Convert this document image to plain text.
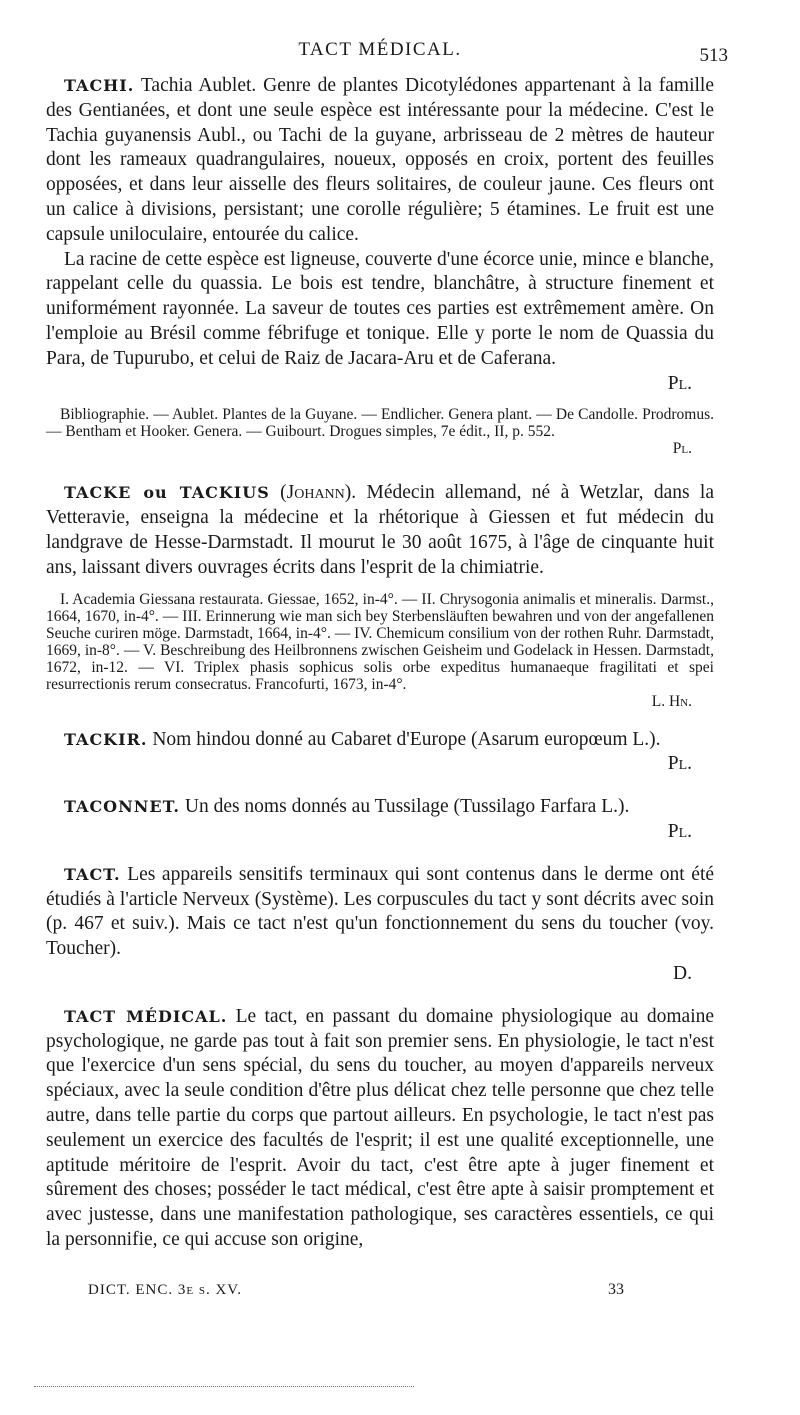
TACT MÉDICAL.	513

TACHI. Tachia Aublet. Genre de plantes Dicotylédones appartenant à la famille des Gentianées, et dont une seule espèce est intéressante pour la médecine. C'est le Tachia guyanensis Aubl., ou Tachi de la guyane, arbrisseau de 2 mètres de hauteur dont les rameaux quadrangulaires, noueux, opposés en croix, portent des feuilles opposées, et dans leur aisselle des fleurs solitaires, de couleur jaune. Ces fleurs ont un calice à divisions, persistant; une corolle régulière; 5 étamines. Le fruit est une capsule uniloculaire, entourée du calice.

La racine de cette espèce est ligneuse, couverte d'une écorce unie, mince e blanche, rappelant celle du quassia. Le bois est tendre, blanchâtre, à structure finement et uniformément rayonnée. La saveur de toutes ces parties est extrêmement amère. On l'emploie au Brésil comme fébrifuge et tonique. Elle y porte le nom de Quassia du Para, de Tupurubo, et celui de Raiz de Jacara-Aru et de Caferana.

Pl.
Bibliographie. — Aublet. Plantes de la Guyane. — Endlicher. Genera plant. — De Candolle. Prodromus. — Bentham et Hooker. Genera. — Guibourt. Drogues simples, 7e édit., II, p. 552.
Pl.

TACKE ou TACKIUS (Johann). Médecin allemand, né à Wetzlar, dans la Vetteravie, enseigna la médecine et la rhétorique à Giessen et fut médecin du landgrave de Hesse-Darmstadt. Il mourut le 30 août 1675, à l'âge de cinquante huit ans, laissant divers ouvrages écrits dans l'esprit de la chimiatrie.

I. Academia Giessana restaurata. Giessae, 1652, in-4°. — II. Chrysogonia animalis et mineralis. Darmst., 1664, 1670, in-4°. — III. Erinnerung wie man sich bey Sterbensläuften bewahren und von der angefallenen Seuche curiren möge. Darmstadt, 1664, in-4°. — IV. Chemicum consilium von der rothen Ruhr. Darmstadt, 1669, in-8°. — V. Beschreibung des Heilbronnens zwischen Geisheim und Godelack in Hessen. Darmstadt, 1672, in-12. — VI. Triplex phasis sophicus solis orbe expeditus humanaeque fragilitati et spei resurrectionis rerum consecratus. Francofurti, 1673, in-4°.
L. Hn.

TACKIR. Nom hindou donné au Cabaret d'Europe (Asarum europœum L.).

Pl.

TACONNET. Un des noms donnés au Tussilage (Tussilago Farfara L.).

Pl.

TACT. Les appareils sensitifs terminaux qui sont contenus dans le derme ont été étudiés à l'article Nerveux (Système). Les corpuscules du tact y sont décrits avec soin (p. 467 et suiv.). Mais ce tact n'est qu'un fonctionnement du sens du toucher (voy. Toucher).

D.

TACT MÉDICAL. Le tact, en passant du domaine physiologique au domaine psychologique, ne garde pas tout à fait son premier sens. En physiologie, le tact n'est que l'exercice d'un sens spécial, du sens du toucher, au moyen d'appareils nerveux spéciaux, avec la seule condition d'être plus délicat chez telle personne que chez telle autre, dans telle partie du corps que partout ailleurs. En psychologie, le tact n'est pas seulement un exercice des facultés de l'esprit; il est une qualité exceptionnelle, une aptitude méritoire de l'esprit. Avoir du tact, c'est être apte à juger finement et sûrement des choses; posséder le tact médical, c'est être apte à saisir promptement et avec justesse, dans une manifestation pathologique, ses caractères essentiels, ce qui la personnifie, ce qui accuse son origine,

DICT. ENC. 3e s. XV.	33
